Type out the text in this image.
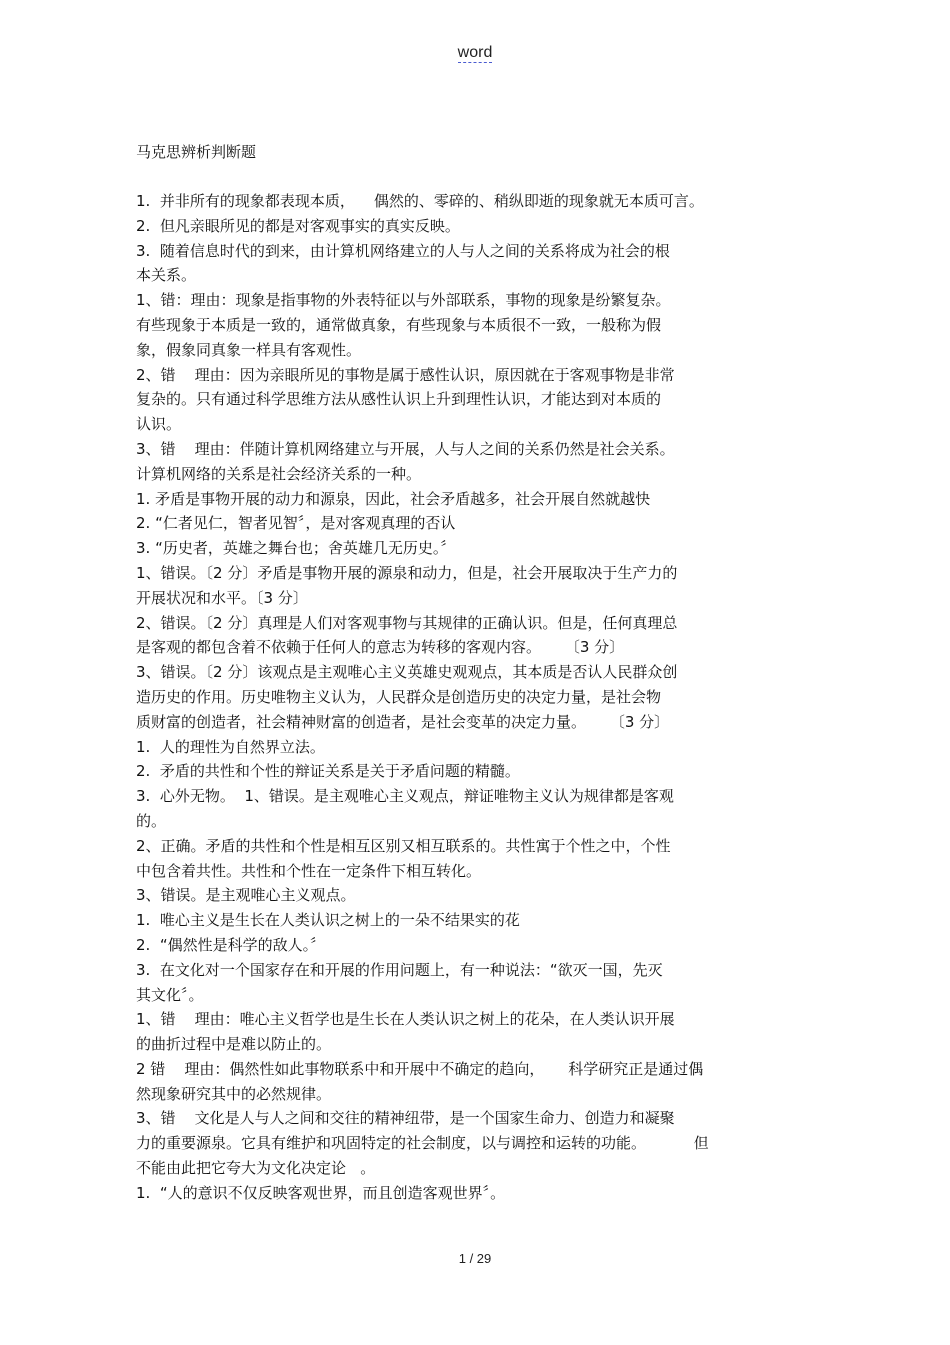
word
马克思辨析判断题
1.  并非所有的现象都表现本质，    偶然的、零碎的、稍纵即逝的现象就无本质可言。
2.  但凡亲眼所见的都是对客观事实的真实反映。
3.  随着信息时代的到来，由计算机网络建立的人与人之间的关系将成为社会的根
本关系。
1、错：理由：现象是指事物的外表特征以与外部联系，事物的现象是纷繁复杂。
有些现象于本质是一致的，通常做真象，有些现象与本质很不一致，一般称为假
象，假象同真象一样具有客观性。
2、错    理由：因为亲眼所见的事物是属于感性认识，原因就在于客观事物是非常
复杂的。只有通过科学思维方法从感性认识上升到理性认识，才能达到对本质的
认识。
3、错    理由：伴随计算机网络建立与开展，人与人之间的关系仍然是社会关系。
计算机网络的关系是社会经济关系的一种。
1. 矛盾是事物开展的动力和源泉，因此，社会矛盾越多，社会开展自然就越快
2. “仁者见仁，智者见智〞，是对客观真理的否认
3. “历史者，英雄之舞台也；舍英雄几无历史。〞
1、错误。〔2 分〕矛盾是事物开展的源泉和动力，但是，社会开展取决于生产力的
开展状况和水平。〔3 分〕
2、错误。〔2 分〕真理是人们对客观事物与其规律的正确认识。但是，任何真理总
是客观的都包含着不依赖于任何人的意志为转移的客观内容。     〔3 分〕
3、错误。〔2 分〕该观点是主观唯心主义英雄史观观点，其本质是否认人民群众创
造历史的作用。历史唯物主义认为，人民群众是创造历史的决定力量，是社会物
质财富的创造者，社会精神财富的创造者，是社会变革的决定力量。     〔3 分〕
1.  人的理性为自然界立法。
2.  矛盾的共性和个性的辩证关系是关于矛盾问题的精髓。
3.  心外无物。  1、错误。是主观唯心主义观点，辩证唯物主义认为规律都是客观
的。
2、正确。矛盾的共性和个性是相互区别又相互联系的。共性寓于个性之中，个性
中包含着共性。共性和个性在一定条件下相互转化。
3、错误。是主观唯心主义观点。
1.  唯心主义是生长在人类认识之树上的一朵不结果实的花
2.  “偶然性是科学的敌人。〞
3.  在文化对一个国家存在和开展的作用问题上，有一种说法：“欲灭一国，先灭
其文化〞。
1、错    理由：唯心主义哲学也是生长在人类认识之树上的花朵，在人类认识开展
的曲折过程中是难以防止的。
2 错    理由：偶然性如此事物联系中和开展中不确定的趋向，     科学研究正是通过偶
然现象研究其中的必然规律。
3、错    文化是人与人之间和交往的精神纽带，是一个国家生命力、创造力和凝聚
力的重要源泉。它具有维护和巩固特定的社会制度，以与调控和运转的功能。          但
不能由此把它夸大为文化决定论   。
1.  “人的意识不仅反映客观世界，而且创造客观世界〞。
1 / 29
